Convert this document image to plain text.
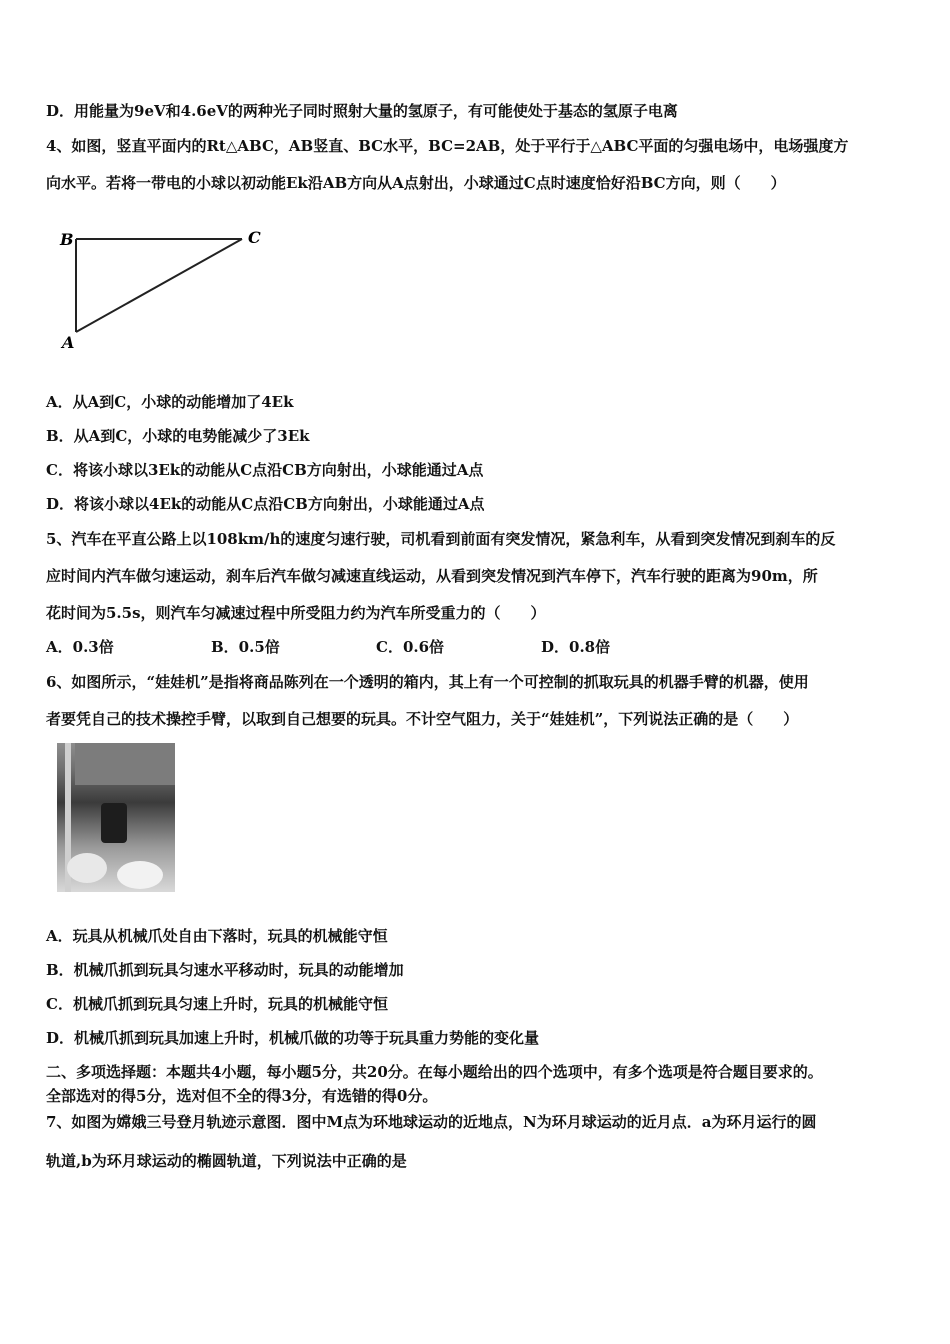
D．用能量为9eV和4.6eV的两种光子同时照射大量的氢原子，有可能使处于基态的氢原子电离
4、如图，竖直平面内的Rt△ABC，AB竖直、BC水平，BC=2AB，处于平行于△ABC平面的匀强电场中，电场强度方
向水平。若将一带电的小球以初动能Ek沿AB方向从A点射出，小球通过C点时速度恰好沿BC方向，则（　　）
B	C
A
A．从A到C，小球的动能增加了4Ek
B．从A到C，小球的电势能减少了3Ek
C．将该小球以3Ek的动能从C点沿CB方向射出，小球能通过A点
D．将该小球以4Ek的动能从C点沿CB方向射出，小球能通过A点
5、汽车在平直公路上以108km/h的速度匀速行驶，司机看到前面有突发情况，紧急利车，从看到突发情况到刹车的反
应时间内汽车做匀速运动，刹车后汽车做匀减速直线运动，从看到突发情况到汽车停下，汽车行驶的距离为90m，所
花时间为5.5s，则汽车匀减速过程中所受阻力约为汽车所受重力的（　　）
A．0.3倍	B．0.5倍	C．0.6倍	D．0.8倍
6、如图所示，“娃娃机”是指将商品陈列在一个透明的箱内，其上有一个可控制的抓取玩具的机器手臂的机器，使用
者要凭自己的技术操控手臂，以取到自己想要的玩具。不计空气阻力，关于“娃娃机”，下列说法正确的是（　　）
A．玩具从机械爪处自由下落时，玩具的机械能守恒
B．机械爪抓到玩具匀速水平移动时，玩具的动能增加
C．机械爪抓到玩具匀速上升时，玩具的机械能守恒
D．机械爪抓到玩具加速上升时，机械爪做的功等于玩具重力势能的变化量
二、多项选择题：本题共4小题，每小题5分，共20分。在每小题给出的四个选项中，有多个选项是符合题目要求的。
全部选对的得5分，选对但不全的得3分，有选错的得0分。
7、如图为嫦娥三号登月轨迹示意图．图中M点为环地球运动的近地点，N为环月球运动的近月点．a为环月运行的圆
轨道,b为环月球运动的椭圆轨道，下列说法中正确的是
